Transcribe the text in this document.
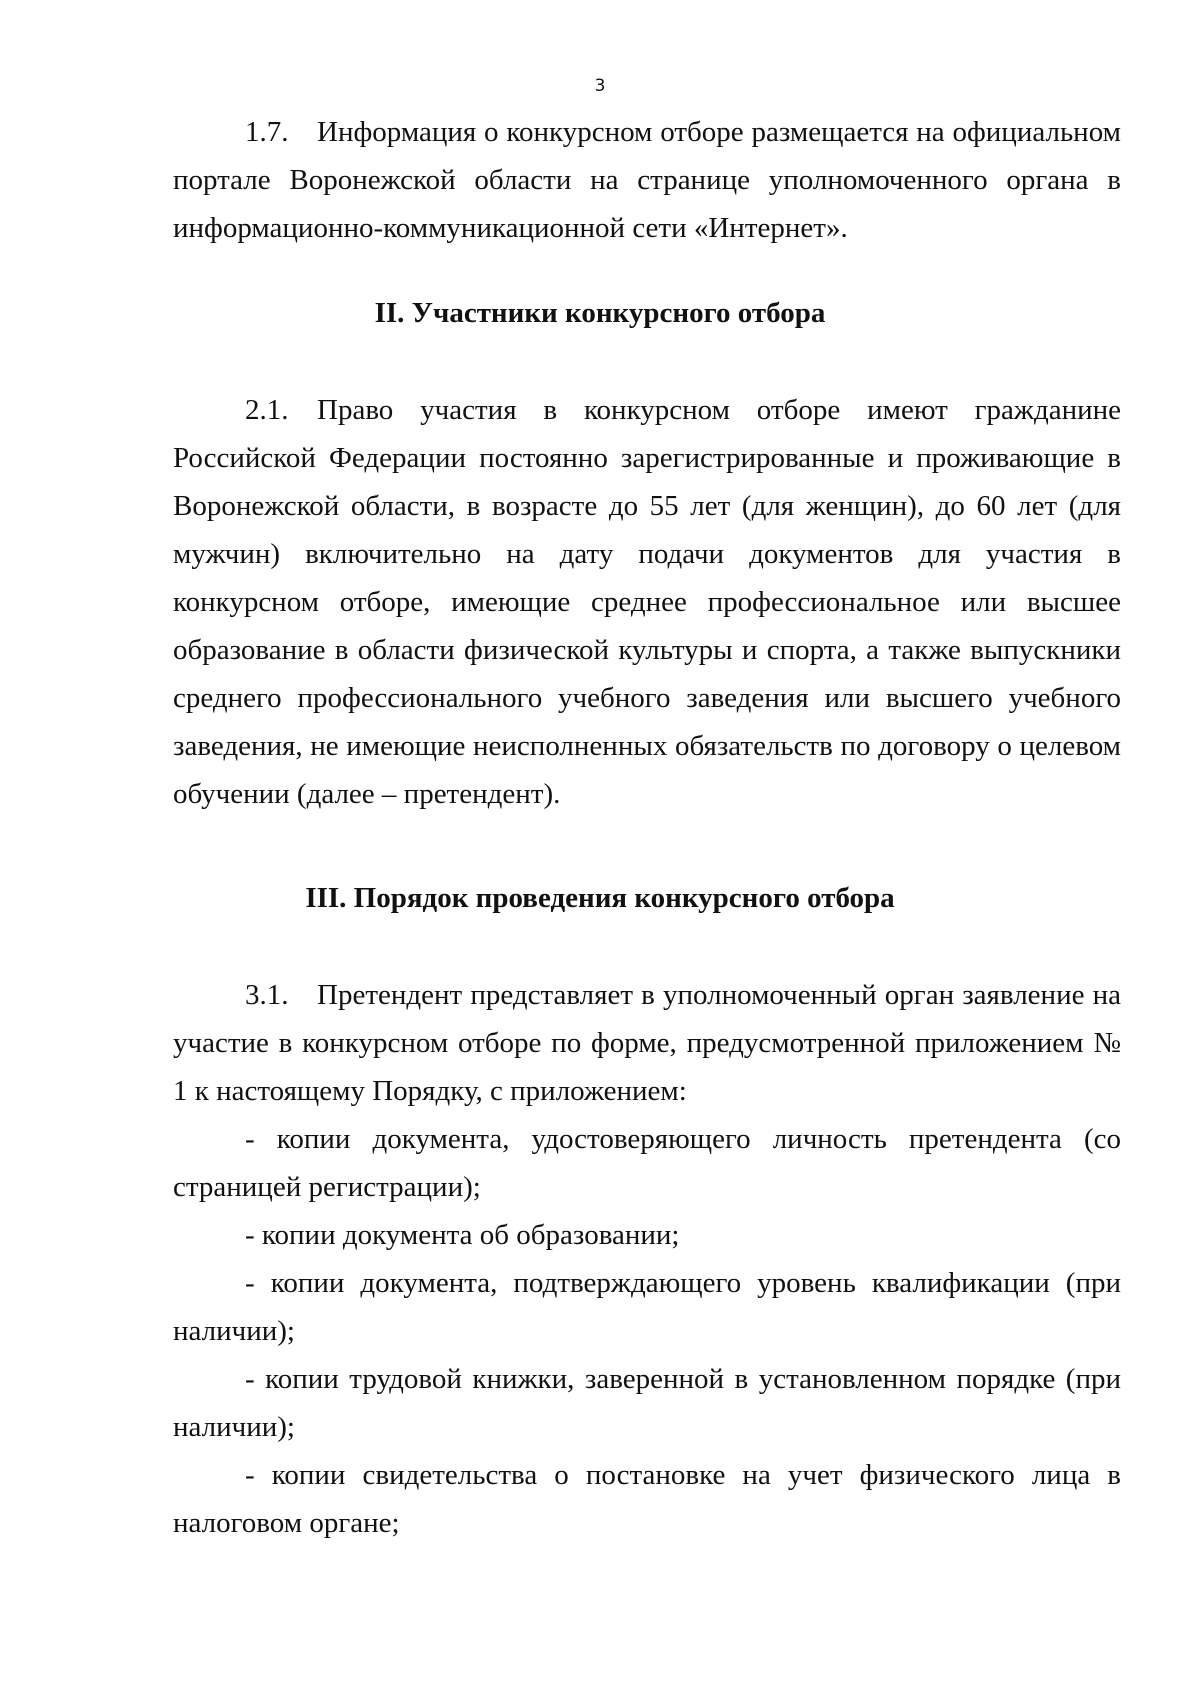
3

1.7. Информация о конкурсном отборе размещается на официальном портале Воронежской области на странице уполномоченного органа в информационно-коммуникационной сети «Интернет».

II. Участники конкурсного отбора

2.1. Право участия в конкурсном отборе имеют гражданине Российской Федерации постоянно зарегистрированные и проживающие в Воронежской области, в возрасте до 55 лет (для женщин), до 60 лет (для мужчин) включительно на дату подачи документов для участия в конкурсном отборе, имеющие среднее профессиональное или высшее образование в области физической культуры и спорта, а также выпускники среднего профессионального учебного заведения или высшего учебного заведения, не имеющие неисполненных обязательств по договору о целевом обучении (далее – претендент).

III. Порядок проведения конкурсного отбора

3.1. Претендент представляет в уполномоченный орган заявление на участие в конкурсном отборе по форме, предусмотренной приложением № 1 к настоящему Порядку, с приложением:

- копии документа, удостоверяющего личность претендента (со страницей регистрации);

- копии документа об образовании;

- копии документа, подтверждающего уровень квалификации (при наличии);

- копии трудовой книжки, заверенной в установленном порядке (при наличии);

- копии свидетельства о постановке на учет физического лица в налоговом органе;
